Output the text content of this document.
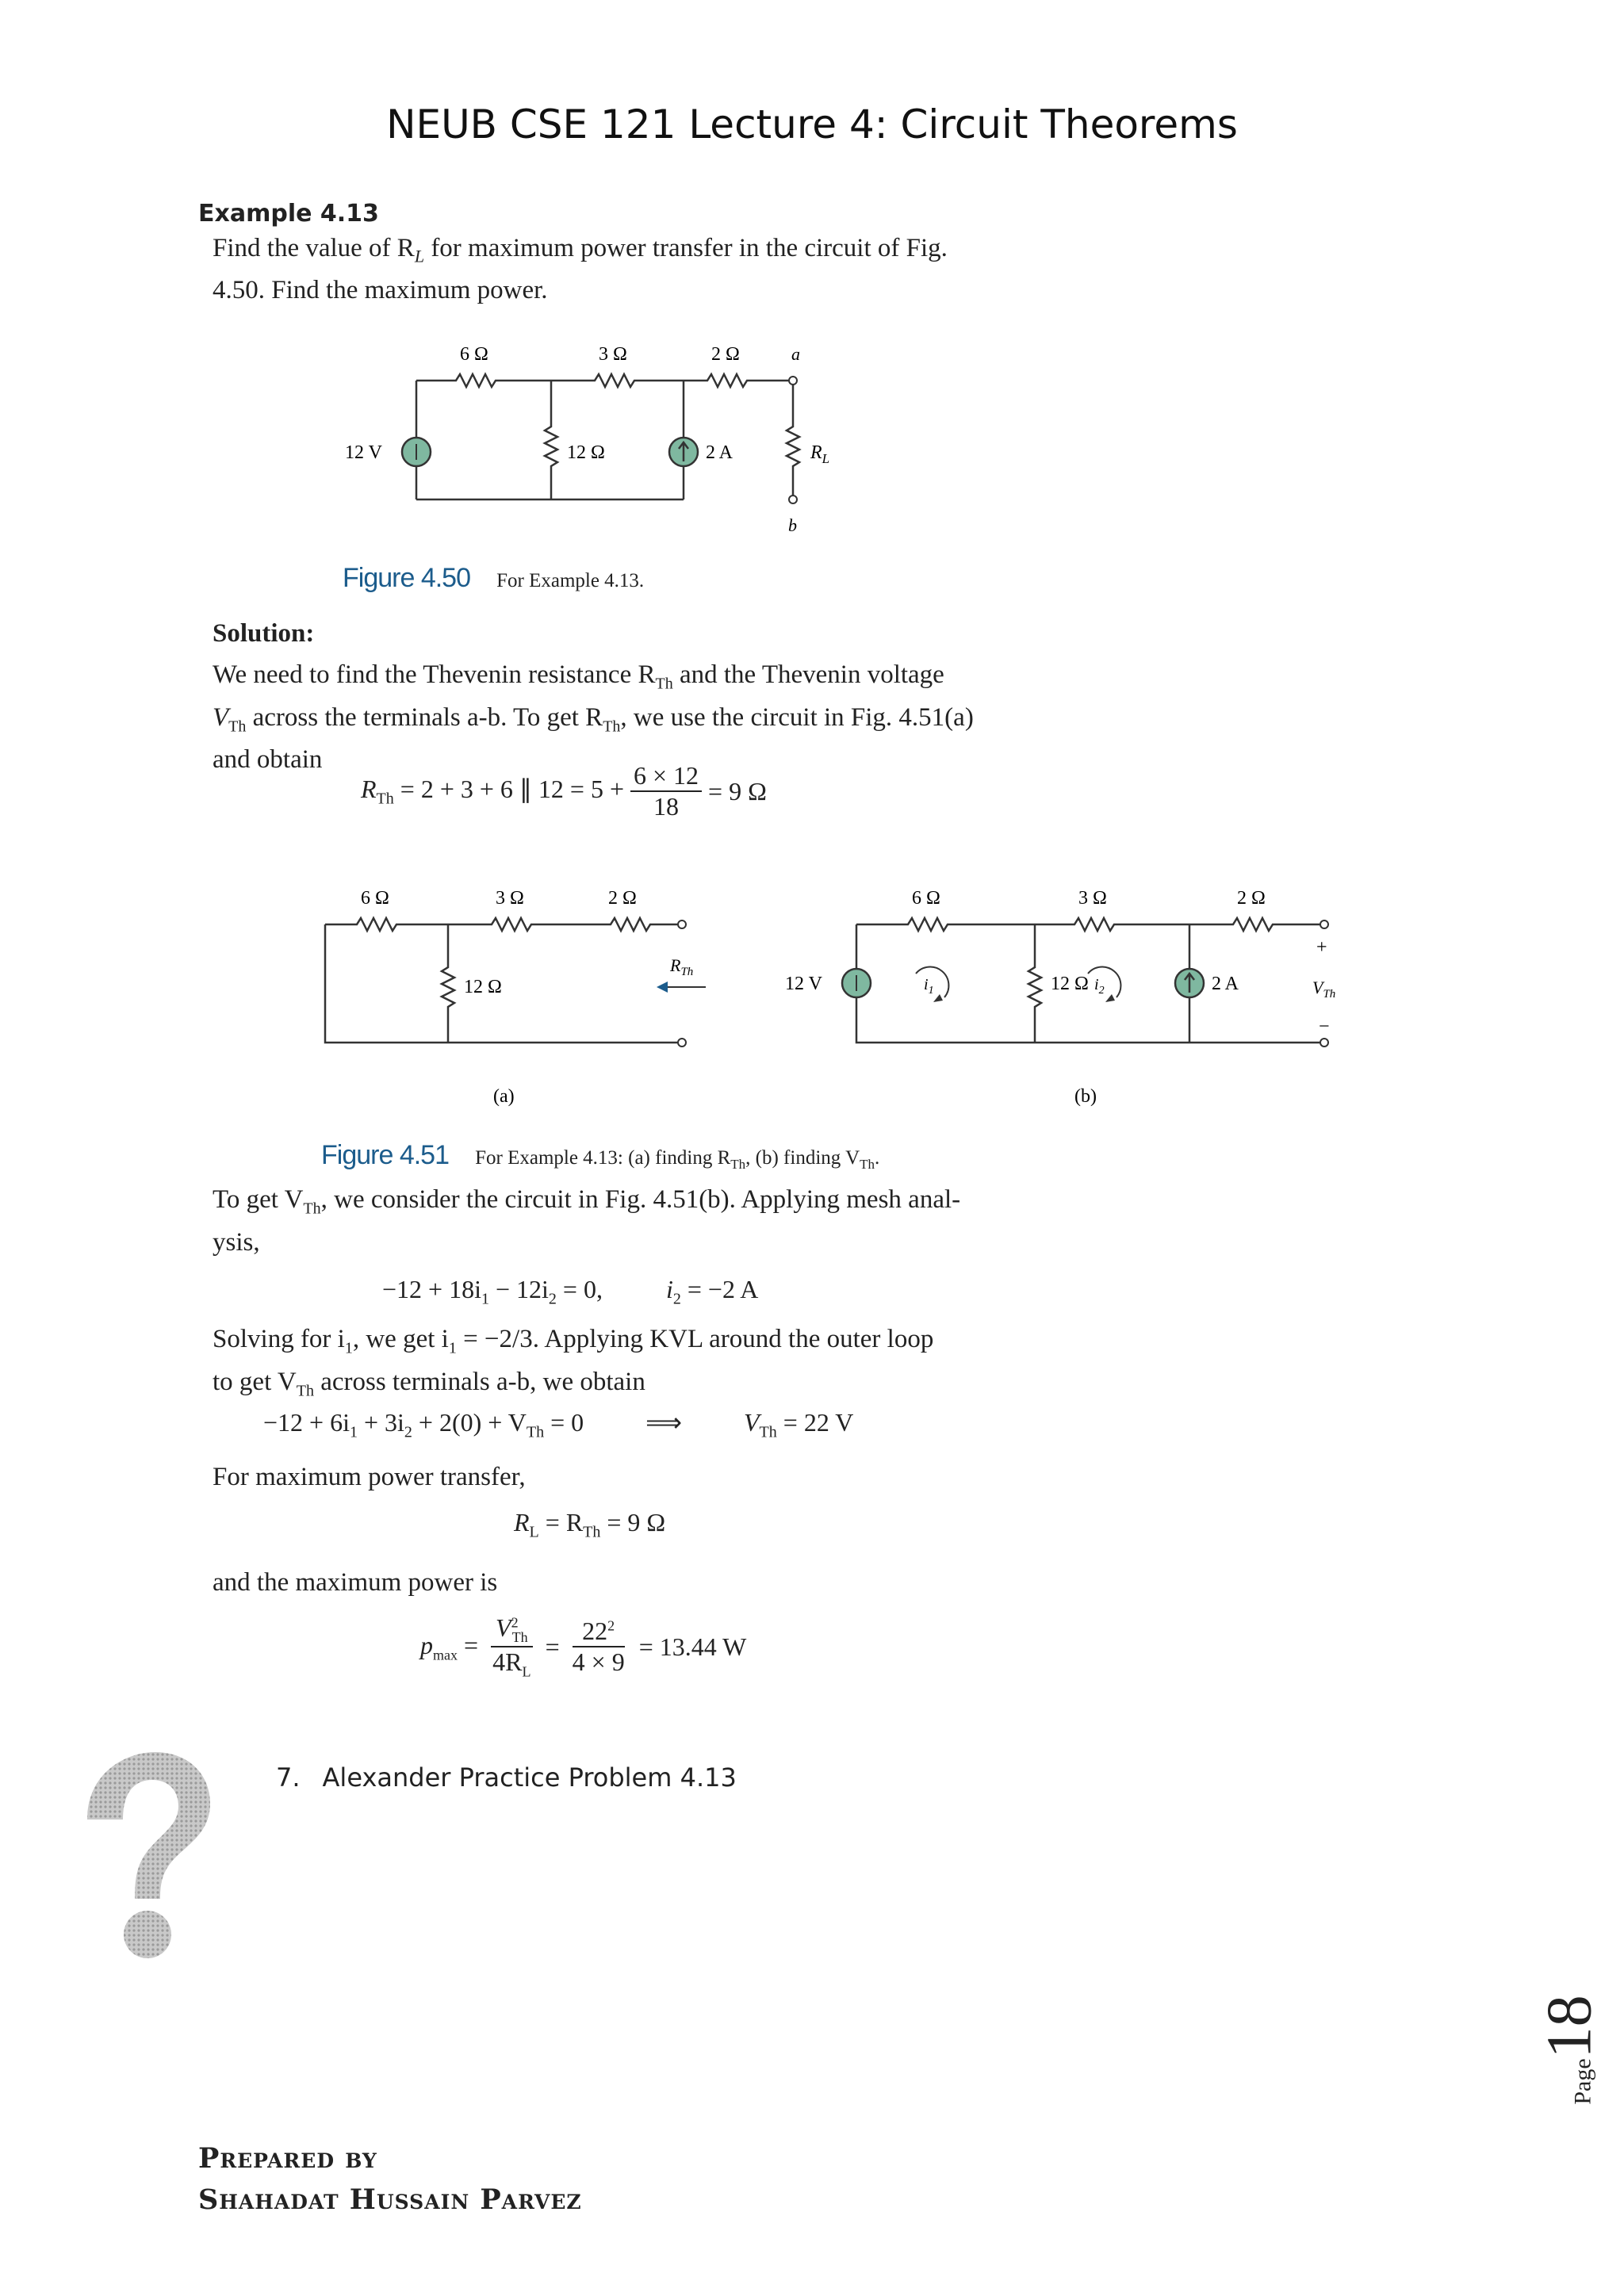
NEUB CSE 121 Lecture 4: Circuit Theorems
Example 4.13
Find the value of $R_L$ for maximum power transfer in the circuit of Fig.
4.50. Find the maximum power.
6 Ω	3 Ω	2 Ω
12 Ω
12 V	2 A	$R_L$
a
b
Figure 4.50 For Example 4.13.
Solution:
We need to find the Thevenin resistance $R_{Th}$ and the Thevenin voltage
$V_{Th}$ across the terminals a-b. To get $R_{Th}$, we use the circuit in Fig. 4.51(a)
and obtain
$R_{Th} = 2 + 3 + 6$ ∥ $12 = 5 + \frac{6 \times 12}{18} = 9$ Ω
6 Ω	3 Ω	2 Ω
12 Ω
$R_{Th}$
(a)
6 Ω	3 Ω	2 Ω
12 Ω
12 V	2 A
$i_1$	$i_2$
+
−
$V_{Th}$
(b)
Figure 4.51 For Example 4.13: (a) finding $R_{Th}$, (b) finding $V_{Th}$.
To get $V_{Th}$, we consider the circuit in Fig. 4.51(b). Applying mesh anal-
ysis,
$-12 + 18i_1 - 12i_2 = 0$,	$i_2 = -2$ A
Solving for $i_1$, we get $i_1 = -2/3$. Applying KVL around the outer loop
to get $V_{Th}$ across terminals a-b, we obtain
$-12 + 6i_1 + 3i_2 + 2(0) + V_{Th} = 0$ ⟹ $V_{Th} = 22$ V
For maximum power transfer,
$R_L = R_{Th} = 9$ Ω
and the maximum power is
$p_{max} = \frac{V^2_{Th}}{4R_L} = \frac{22^2}{4 \times 9} = 13.44$ W
7. Alexander Practice Problem 4.13
Page18
Prepared by
Shahadat Hussain Parvez
